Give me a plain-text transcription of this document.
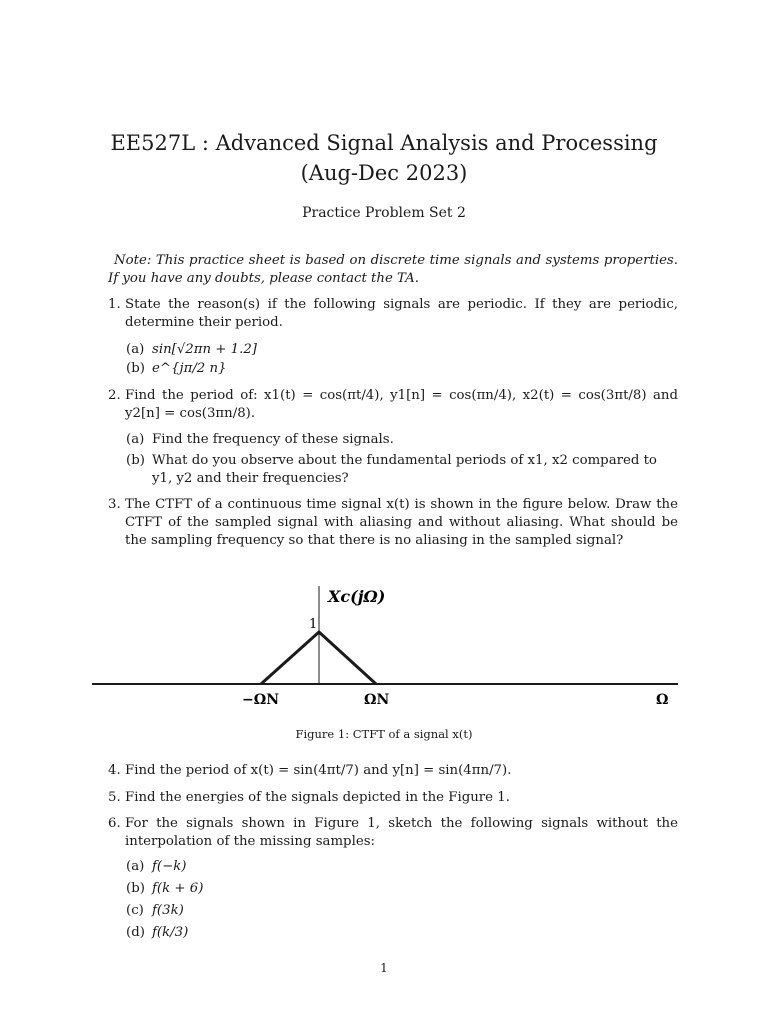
EE527L : Advanced Signal Analysis and Processing (Aug-Dec 2023)
Practice Problem Set 2
Note: This practice sheet is based on discrete time signals and systems properties. If you have any doubts, please contact the TA.
1. State the reason(s) if the following signals are periodic. If they are periodic, determine their period.
(a) sin[√2πn + 1.2]
(b) e^{jπ/2 n}
2. Find the period of: x1(t) = cos(πt/4), y1[n] = cos(πn/4), x2(t) = cos(3πt/8) and y2[n] = cos(3πn/8).
(a) Find the frequency of these signals.
(b) What do you observe about the fundamental periods of x1, x2 compared to y1, y2 and their frequencies?
3. The CTFT of a continuous time signal x(t) is shown in the figure below. Draw the CTFT of the sampled signal with aliasing and without aliasing. What should be the sampling frequency so that there is no aliasing in the sampled signal?
Xc(jΩ)
1
−ΩN	ΩN	Ω
Figure 1: CTFT of a signal x(t)
4. Find the period of x(t) = sin(4πt/7) and y[n] = sin(4πn/7).
5. Find the energies of the signals depicted in the Figure 1.
6. For the signals shown in Figure 1, sketch the following signals without the interpolation of the missing samples:
(a) f(−k)
(b) f(k + 6)
(c) f(3k)
(d) f(k/3)
1
